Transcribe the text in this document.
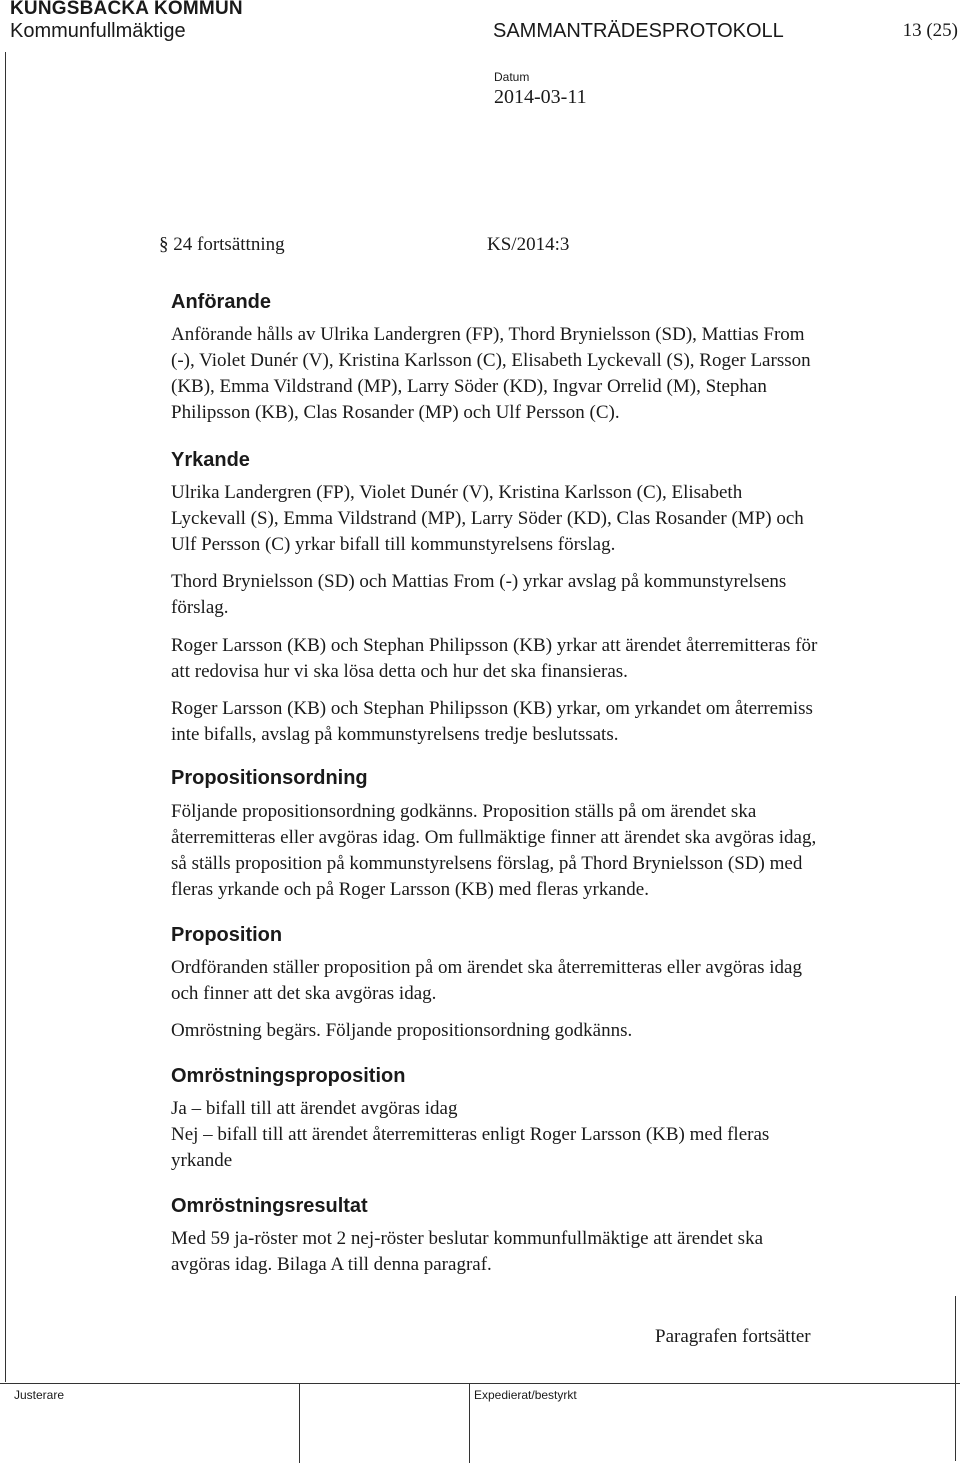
KUNGSBACKA KOMMUN
Kommunfullmäktige	SAMMANTRÄDESPROTOKOLL	13 (25)
Datum
2014-03-11
§ 24 fortsättning	KS/2014:3
Anförande
Anförande hålls av Ulrika Landergren (FP), Thord Brynielsson (SD), Mattias From
(-), Violet Dunér (V), Kristina Karlsson (C), Elisabeth Lyckevall (S), Roger Larsson
(KB), Emma Vildstrand (MP), Larry Söder (KD), Ingvar Orrelid (M), Stephan
Philipsson (KB), Clas Rosander (MP) och Ulf Persson (C).
Yrkande
Ulrika Landergren (FP), Violet Dunér (V), Kristina Karlsson (C), Elisabeth
Lyckevall (S), Emma Vildstrand (MP), Larry Söder (KD), Clas Rosander (MP) och
Ulf Persson (C) yrkar bifall till kommunstyrelsens förslag.
Thord Brynielsson (SD) och Mattias From (-) yrkar avslag på kommunstyrelsens
förslag.
Roger Larsson (KB) och Stephan Philipsson (KB) yrkar att ärendet återremitteras för
att redovisa hur vi ska lösa detta och hur det ska finansieras.
Roger Larsson (KB) och Stephan Philipsson (KB) yrkar, om yrkandet om återremiss
inte bifalls, avslag på kommunstyrelsens tredje beslutssats.
Propositionsordning
Följande propositionsordning godkänns. Proposition ställs på om ärendet ska
återremitteras eller avgöras idag. Om fullmäktige finner att ärendet ska avgöras idag,
så ställs proposition på kommunstyrelsens förslag, på Thord Brynielsson (SD) med
fleras yrkande och på Roger Larsson (KB) med fleras yrkande.
Proposition
Ordföranden ställer proposition på om ärendet ska återremitteras eller avgöras idag
och finner att det ska avgöras idag.
Omröstning begärs. Följande propositionsordning godkänns.
Omröstningsproposition
Ja – bifall till att ärendet avgöras idag
Nej – bifall till att ärendet återremitteras enligt Roger Larsson (KB) med fleras
yrkande
Omröstningsresultat
Med 59 ja-röster mot 2 nej-röster beslutar kommunfullmäktige att ärendet ska
avgöras idag. Bilaga A till denna paragraf.
Paragrafen fortsätter
Justerare	Expedierat/bestyrkt
